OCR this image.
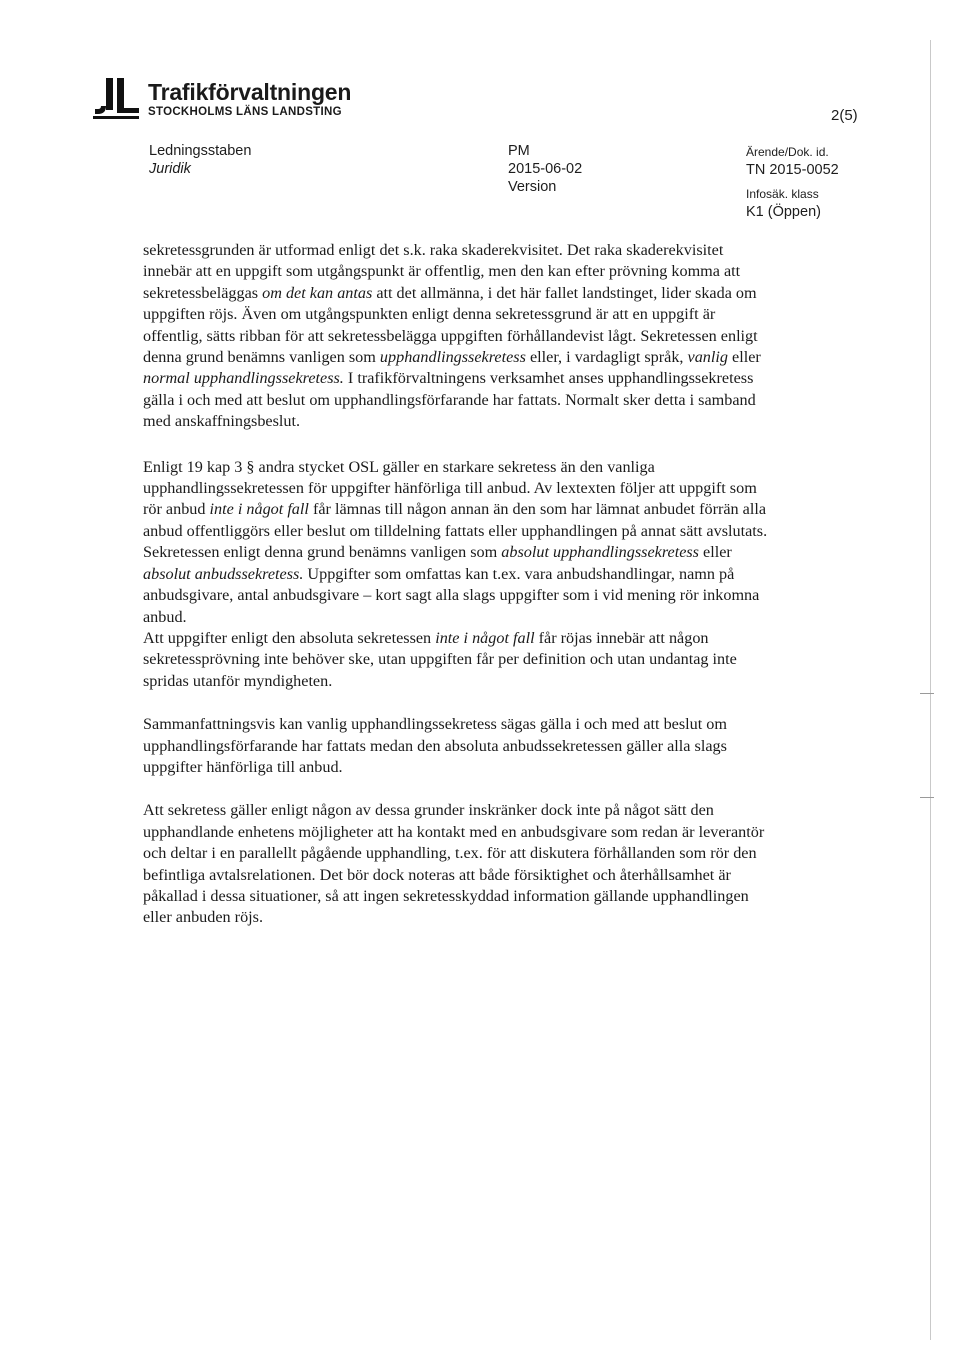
Trafikförvaltningen
STOCKHOLMS LÄNS LANDSTING	2(5)
Ledningsstaben
Juridik
PM
2015-06-02
Version
Ärende/Dok. id.
TN 2015-0052
Infosäk. klass
K1 (Öppen)

sekretessgrunden är utformad enligt det s.k. raka skaderekvisitet. Det raka skaderekvisitet innebär att en uppgift som utgångspunkt är offentlig, men den kan efter prövning komma att sekretessbeläggas om det kan antas att det allmänna, i det här fallet landstinget, lider skada om uppgiften röjs. Även om utgångspunkten enligt denna sekretessgrund är att en uppgift är offentlig, sätts ribban för att sekretessbelägga uppgiften förhållandevist lågt. Sekretessen enligt denna grund benämns vanligen som upphandlingssekretess eller, i vardagligt språk, vanlig eller normal upphandlingssekretess. I trafikförvaltningens verksamhet anses upphandlingssekretess gälla i och med att beslut om upphandlingsförfarande har fattats. Normalt sker detta i samband med anskaffningsbeslut.

Enligt 19 kap 3 § andra stycket OSL gäller en starkare sekretess än den vanliga upphandlingssekretessen för uppgifter hänförliga till anbud. Av lextexten följer att uppgift som rör anbud inte i något fall får lämnas till någon annan än den som har lämnat anbudet förrän alla anbud offentliggörs eller beslut om tilldelning fattats eller upphandlingen på annat sätt avslutats. Sekretessen enligt denna grund benämns vanligen som absolut upphandlingssekretess eller absolut anbudssekretess. Uppgifter som omfattas kan t.ex. vara anbudshandlingar, namn på anbudsgivare, antal anbudsgivare – kort sagt alla slags uppgifter som i vid mening rör inkomna anbud.

Att uppgifter enligt den absoluta sekretessen inte i något fall får röjas innebär att någon sekretessprövning inte behöver ske, utan uppgiften får per definition och utan undantag inte spridas utanför myndigheten.

Sammanfattningsvis kan vanlig upphandlingssekretess sägas gälla i och med att beslut om upphandlingsförfarande har fattats medan den absoluta anbudssekretessen gäller alla slags uppgifter hänförliga till anbud.

Att sekretess gäller enligt någon av dessa grunder inskränker dock inte på något sätt den upphandlande enhetens möjligheter att ha kontakt med en anbudsgivare som redan är leverantör och deltar i en parallellt pågående upphandling, t.ex. för att diskutera förhållanden som rör den befintliga avtalsrelationen. Det bör dock noteras att både försiktighet och återhållsamhet är påkallad i dessa situationer, så att ingen sekretesskyddad information gällande upphandlingen eller anbuden röjs.
